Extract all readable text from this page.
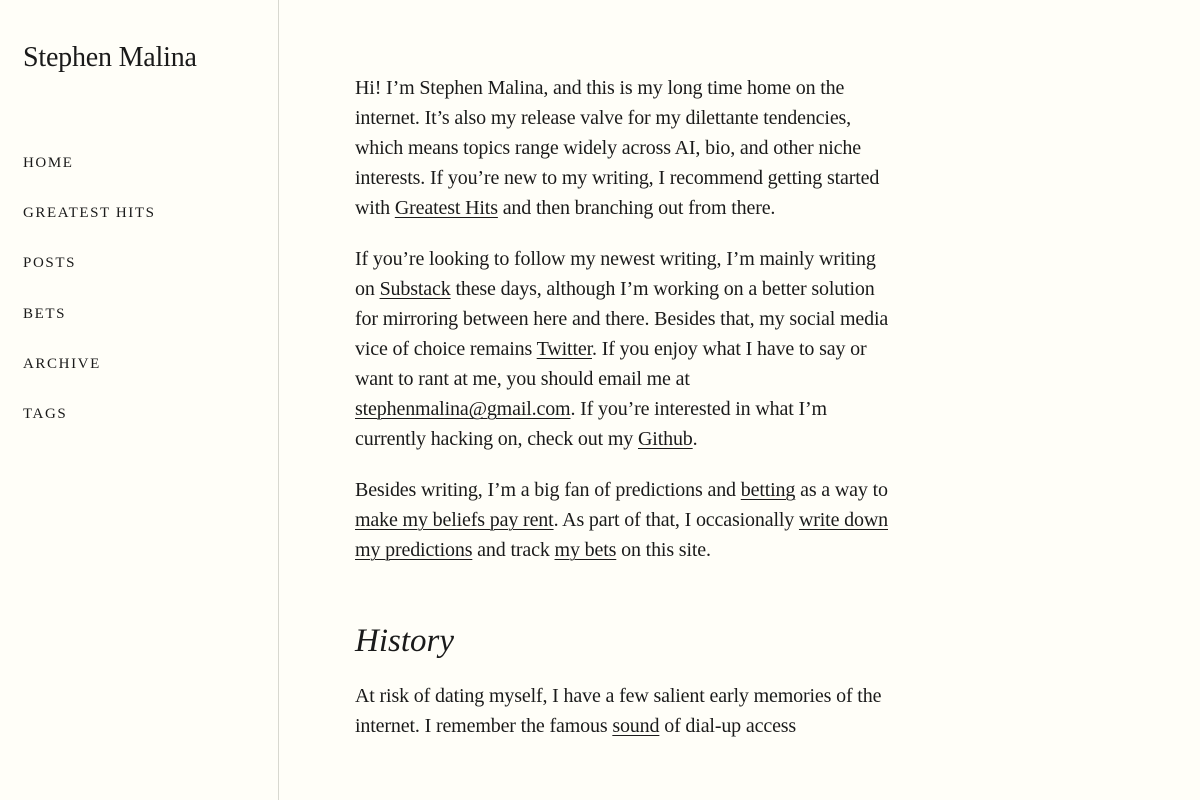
Stephen Malina
HOME
GREATEST HITS
POSTS
BETS
ARCHIVE
TAGS

Hi! I’m Stephen Malina, and this is my long time home on the internet. It’s also my release valve for my dilettante tendencies, which means topics range widely across AI, bio, and other niche interests. If you’re new to my writing, I recommend getting started with Greatest Hits and then branching out from there.

If you’re looking to follow my newest writing, I’m mainly writing on Substack these days, although I’m working on a better solution for mirroring between here and there. Besides that, my social media vice of choice remains Twitter. If you enjoy what I have to say or want to rant at me, you should email me at stephenmalina@gmail.com. If you’re interested in what I’m currently hacking on, check out my Github.

Besides writing, I’m a big fan of predictions and betting as a way to make my beliefs pay rent. As part of that, I occasionally write down my predictions and track my bets on this site.

History

At risk of dating myself, I have a few salient early memories of the internet. I remember the famous sound of dial-up access
